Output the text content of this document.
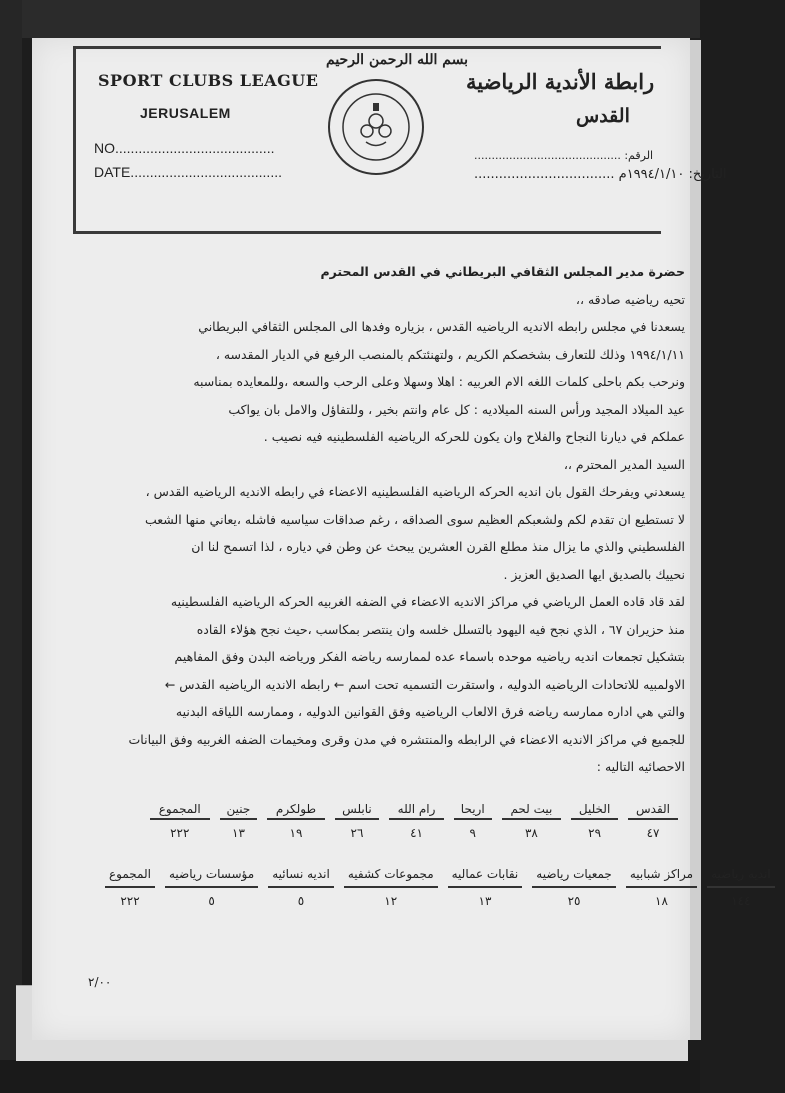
SPORT CLUBS LEAGUE
JERUSALEM
NO.........................................
DATE.......................................
بسم الله الرحمن الرحيم
رابطة الأندية الرياضية
القدس
الرقم: ..........................................
التاريخ: ١٩٩٤/١/١٠م ..................................
حضرة مدير المجلس الثقافي البريطاني في القدس المحترم
تحيه رياضيه صادقه ،،
يسعدنا في مجلس رابطه الانديه الرياضيه القدس ، بزياره وفدها الى المجلس الثقافي البريطاني
١٩٩٤/١/١١ وذلك للتعارف بشخصكم الكريم ، ولتهنئتكم بالمنصب الرفيع في الديار المقدسه ،
ونرحب بكم باحلى كلمات اللغه الام العربيه : اهلا وسهلا وعلى الرحب والسعه ،وللمعايده بمناسبه
عيد الميلاد المجيد ورأس السنه الميلاديه : كل عام وانتم بخير ، وللتفاؤل والامل بان يواكب
عملكم في ديارنا النجاح والفلاح وان يكون للحركه الرياضيه الفلسطينيه فيه نصيب .
السيد المدير المحترم ،،
يسعدني ويفرحك القول بان انديه الحركه الرياضيه الفلسطينيه الاعضاء في رابطه الانديه الرياضيه القدس ،
لا تستطيع ان تقدم لكم ولشعبكم العظيم سوى الصداقه ، رغم صداقات سياسيه فاشله ،يعاني منها الشعب
الفلسطيني والذي ما يزال منذ مطلع القرن العشرين يبحث عن وطن في دياره ، لذا اتسمح لنا ان
نحييك بالصديق ايها الصديق العزيز .
لقد قاد قاده العمل الرياضي في مراكز الانديه الاعضاء في الضفه الغربيه الحركه الرياضيه الفلسطينيه
منذ حزيران ٦٧ ، الذي نجح فيه اليهود بالتسلل خلسه وان ينتصر بمكاسب ،حيث نجح هؤلاء القاده
بتشكيل تجمعات انديه رياضيه موحده باسماء عده لممارسه رياضه الفكر ورياضه البدن وفق المفاهيم
الاولمبيه للاتحادات الرياضيه الدوليه ، واستقرت التسميه تحت اسم ← رابطه الانديه الرياضيه القدس ←
والتي هي اداره ممارسه رياضه فرق الالعاب الرياضيه وفق القوانين الدوليه ، وممارسه اللياقه البدنيه
للجميع في مراكز الانديه الاعضاء في الرابطه والمنتشره في مدن وقرى ومخيمات الضفه الغربيه وفق البيانات
الاحصائيه التاليه :
القدس	الخليل	بيت لحم	اريحا	رام الله	نابلس	طولكرم	جنين	المجموع
٤٧	٢٩	٣٨	٩	٤١	٢٦	١٩	١٣	٢٢٢
انديه رياضيه	مراكز شبابيه	جمعيات رياضيه	نقابات عماليه	مجموعات كشفيه	انديه نسائيه	مؤسسات رياضيه	المجموع
١٤٤	١٨	٢٥	١٣	١٢	٥	٥	٢٢٢
٢/٠٠
